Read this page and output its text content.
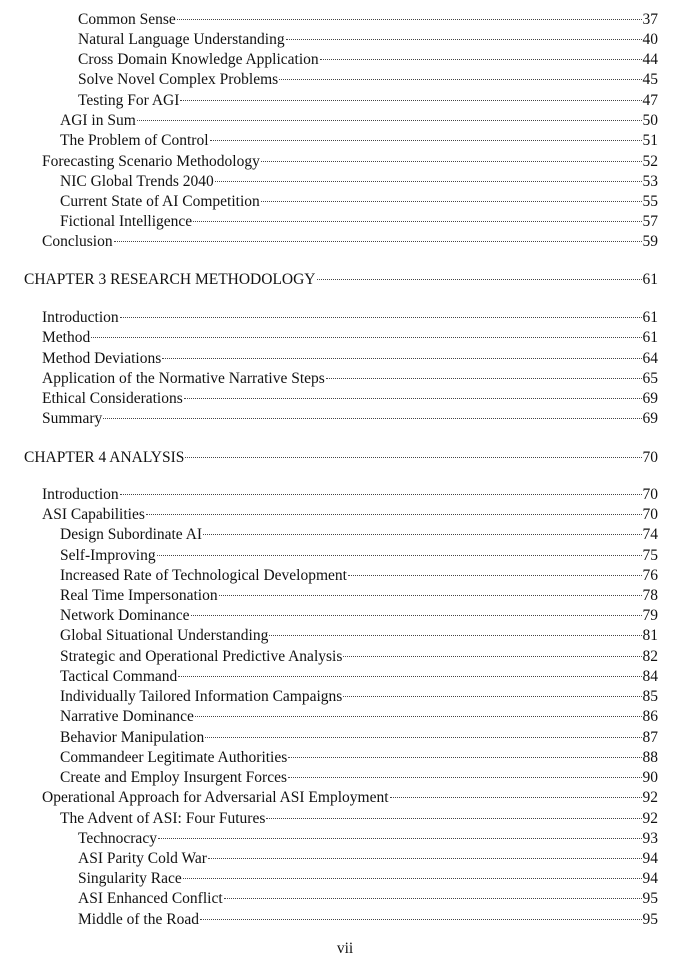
Common Sense	37
Natural Language Understanding	40
Cross Domain Knowledge Application	44
Solve Novel Complex Problems	45
Testing For AGI	47
AGI in Sum	50
The Problem of Control	51
Forecasting Scenario Methodology	52
NIC Global Trends 2040	53
Current State of AI Competition	55
Fictional Intelligence	57
Conclusion	59
CHAPTER 3 RESEARCH METHODOLOGY	61
Introduction	61
Method	61
Method Deviations	64
Application of the Normative Narrative Steps	65
Ethical Considerations	69
Summary	69
CHAPTER 4 ANALYSIS	70
Introduction	70
ASI Capabilities	70
Design Subordinate AI	74
Self-Improving	75
Increased Rate of Technological Development	76
Real Time Impersonation	78
Network Dominance	79
Global Situational Understanding	81
Strategic and Operational Predictive Analysis	82
Tactical Command	84
Individually Tailored Information Campaigns	85
Narrative Dominance	86
Behavior Manipulation	87
Commandeer Legitimate Authorities	88
Create and Employ Insurgent Forces	90
Operational Approach for Adversarial ASI Employment	92
The Advent of ASI: Four Futures	92
Technocracy	93
ASI Parity Cold War	94
Singularity Race	94
ASI Enhanced Conflict	95
Middle of the Road	95
vii
